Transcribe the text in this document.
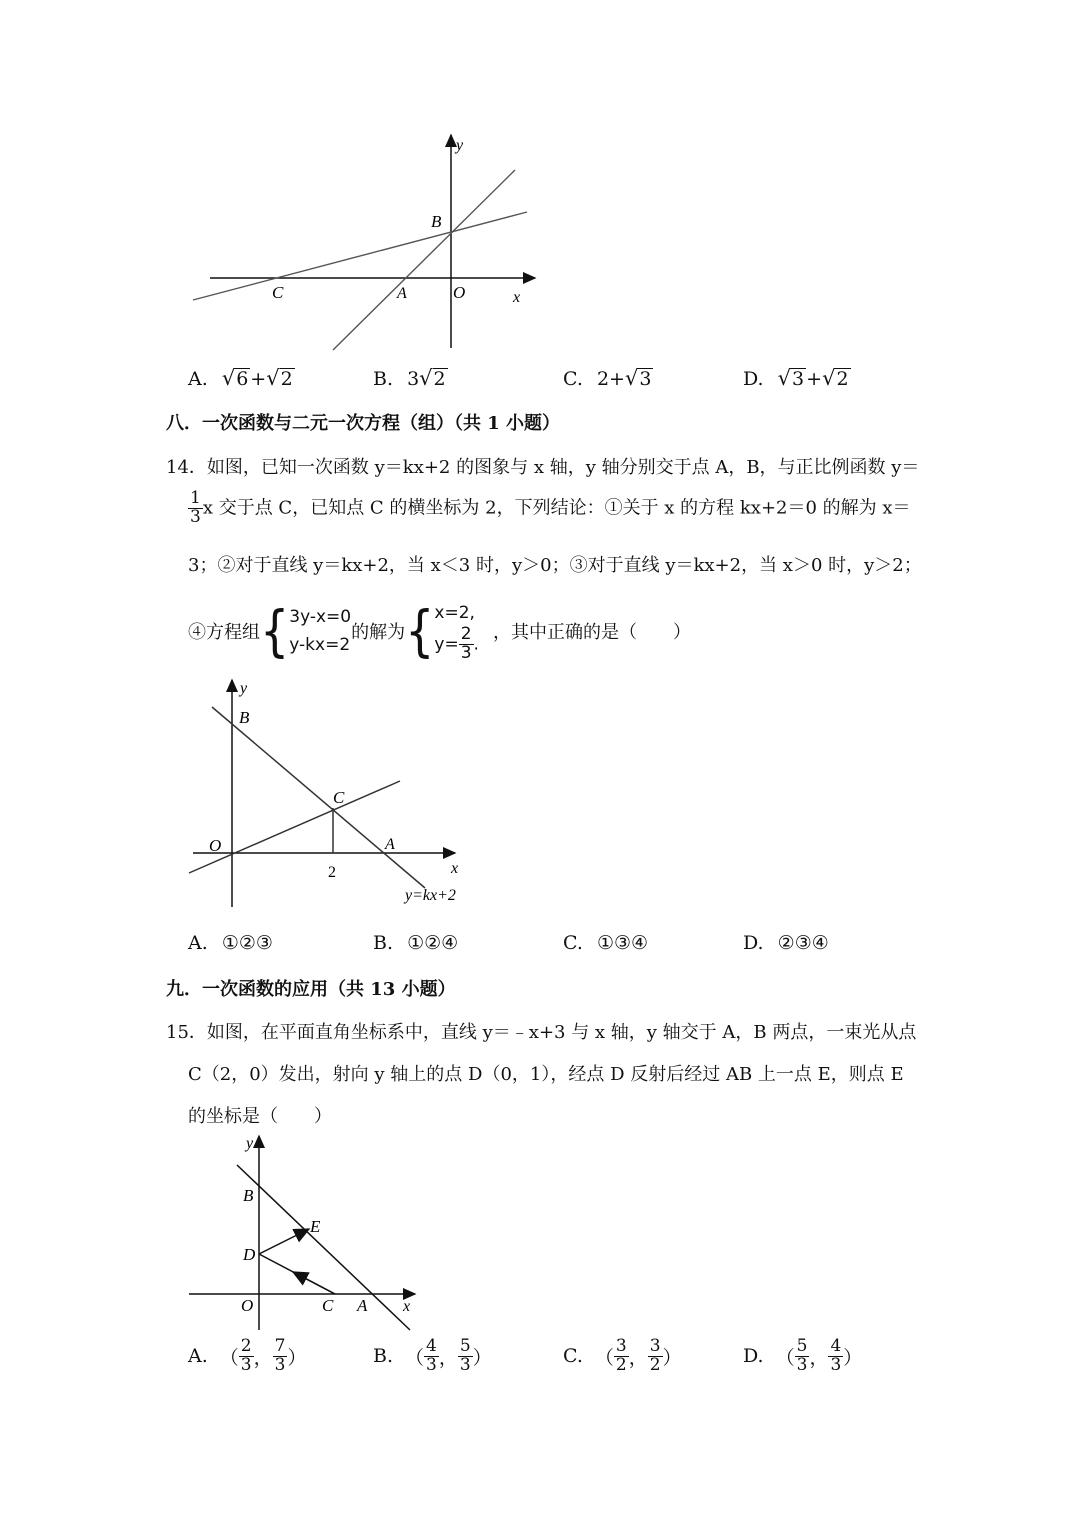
y
B
C	A	O	x
A. √6 +√2	B. 3√2	C. 2+√3	D. √3 +√2
八．一次函数与二元一次方程（组）（共 1 小题）
14．如图，已知一次函数 y＝kx+2 的图象与 x 轴，y 轴分别交于点 A，B，与正比例函数 y＝
$\frac{1}{3}$ x 交于点 C，已知点 C 的横坐标为 2，下列结论：①关于 x 的方程 kx+2＝0 的解为 x＝
3；②对于直线 y＝kx+2，当 x＜3 时，y＞0；③对于直线 y＝kx+2，当 x＞0 时，y＞2；
④方程组 { 3y-x=0
y-kx=2
的解为 { x=2,
$y= \frac{2}{3}$ .
，其中正确的是（　　）
y
B
C
O	A
x
2
y=kx+2
A. ①②③	B. ①②④	C. ①③④	D. ②③④
九．一次函数的应用（共 13 小题）
15．如图，在平面直角坐标系中，直线 y＝﹣x+3 与 x 轴，y 轴交于 A，B 两点，一束光从点
C（2，0）发出，射向 y 轴上的点 D（0，1），经点 D 反射后经过 AB 上一点 E，则点 E
的坐标是（　　）
y
B
E
D
O	C A x
A. （ $\frac{2}{3}$ ， $\frac{7}{3}$ ）	B. （ $\frac{4}{3}$ ， $\frac{5}{3}$ ）	C. （ $\frac{3}{2}$ ， $\frac{3}{2}$ ）	D. （ $\frac{5}{3}$ ， $\frac{4}{3}$ ）
